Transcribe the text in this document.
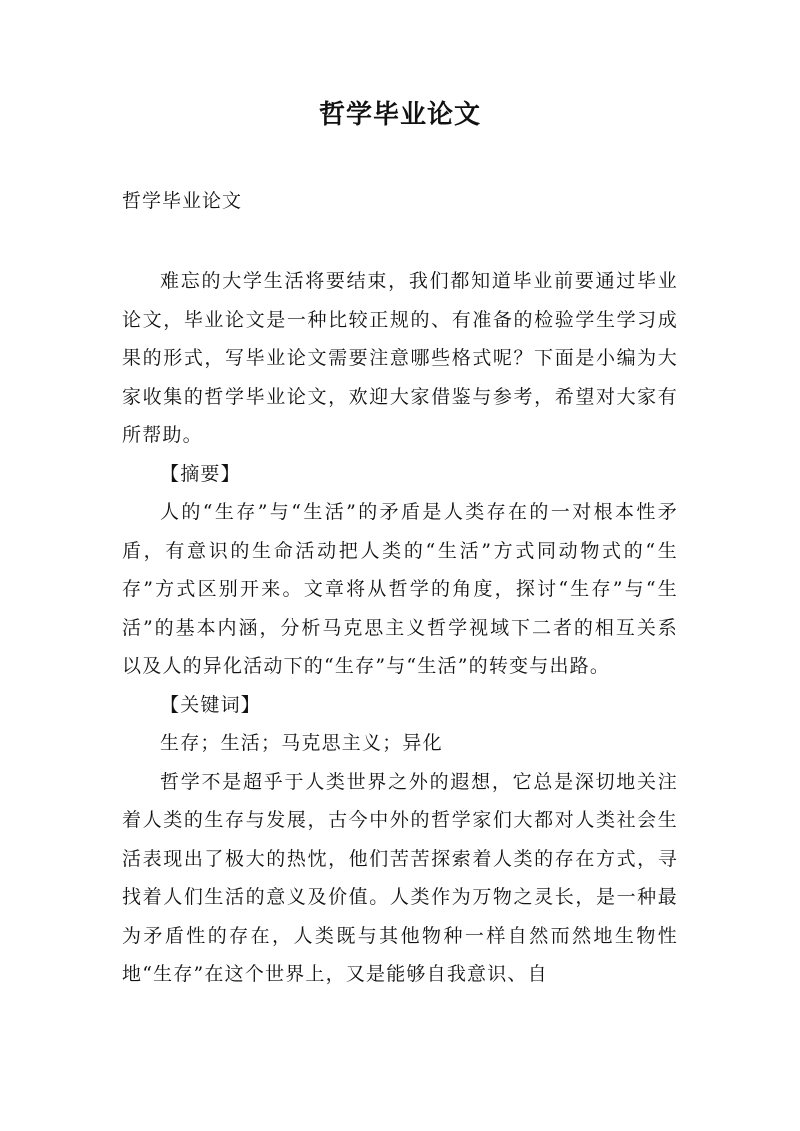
哲学毕业论文
哲学毕业论文

难忘的大学生活将要结束，我们都知道毕业前要通过毕业论文，毕业论文是一种比较正规的、有准备的检验学生学习成果的形式，写毕业论文需要注意哪些格式呢？下面是小编为大家收集的哲学毕业论文，欢迎大家借鉴与参考，希望对大家有所帮助。

【摘要】

人的“生存”与“生活”的矛盾是人类存在的一对根本性矛盾，有意识的生命活动把人类的“生活”方式同动物式的“生存”方式区别开来。文章将从哲学的角度，探讨“生存”与“生活”的基本内涵，分析马克思主义哲学视域下二者的相互关系以及人的异化活动下的“生存”与“生活”的转变与出路。

【关键词】

生存；生活；马克思主义；异化

哲学不是超乎于人类世界之外的遐想，它总是深切地关注着人类的生存与发展，古今中外的哲学家们大都对人类社会生活表现出了极大的热忱，他们苦苦探索着人类的存在方式，寻找着人们生活的意义及价值。人类作为万物之灵长，是一种最为矛盾性的存在，人类既与其他物种一样自然而然地生物性地“生存”在这个世界上，又是能够自我意识、自
